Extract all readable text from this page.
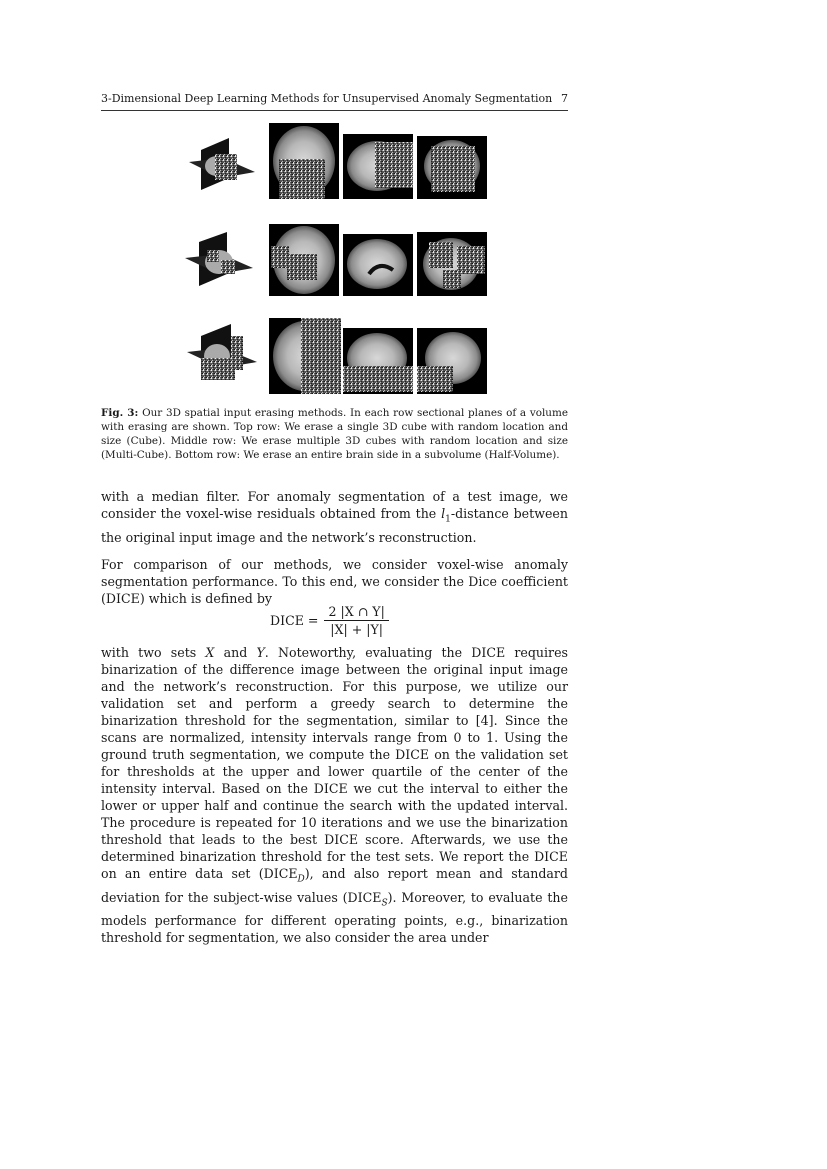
3-Dimensional Deep Learning Methods for Unsupervised Anomaly Segmentation 7
Fig. 3: Our 3D spatial input erasing methods. In each row sectional planes of a volume with erasing are shown. Top row: We erase a single 3D cube with random location and size (Cube). Middle row: We erase multiple 3D cubes with random location and size (Multi-Cube). Bottom row: We erase an entire brain side in a subvolume (Half-Volume).
with a median filter. For anomaly segmentation of a test image, we consider the voxel-wise residuals obtained from the $l_1$-distance between the original input image and the network’s reconstruction.
For comparison of our methods, we consider voxel-wise anomaly segmentation performance. To this end, we consider the Dice coefficient (DICE) which is defined by
DICE = $\frac{2 |X \cap Y|}{|X| + |Y|}$
with two sets X and Y. Noteworthy, evaluating the DICE requires binarization of the difference image between the original input image and the network’s reconstruction. For this purpose, we utilize our validation set and perform a greedy search to determine the binarization threshold for the segmentation, similar to [4]. Since the scans are normalized, intensity intervals range from 0 to 1. Using the ground truth segmentation, we compute the DICE on the validation set for thresholds at the upper and lower quartile of the center of the intensity interval. Based on the DICE we cut the interval to either the lower or upper half and continue the search with the updated interval. The procedure is repeated for 10 iterations and we use the binarization threshold that leads to the best DICE score. Afterwards, we use the determined binarization threshold for the test sets. We report the DICE on an entire data set $(DICE_D)$, and also report mean and standard deviation for the subject-wise values $(DICE_S)$. Moreover, to evaluate the models performance for different operating points, e.g., binarization threshold for segmentation, we also consider the area under
